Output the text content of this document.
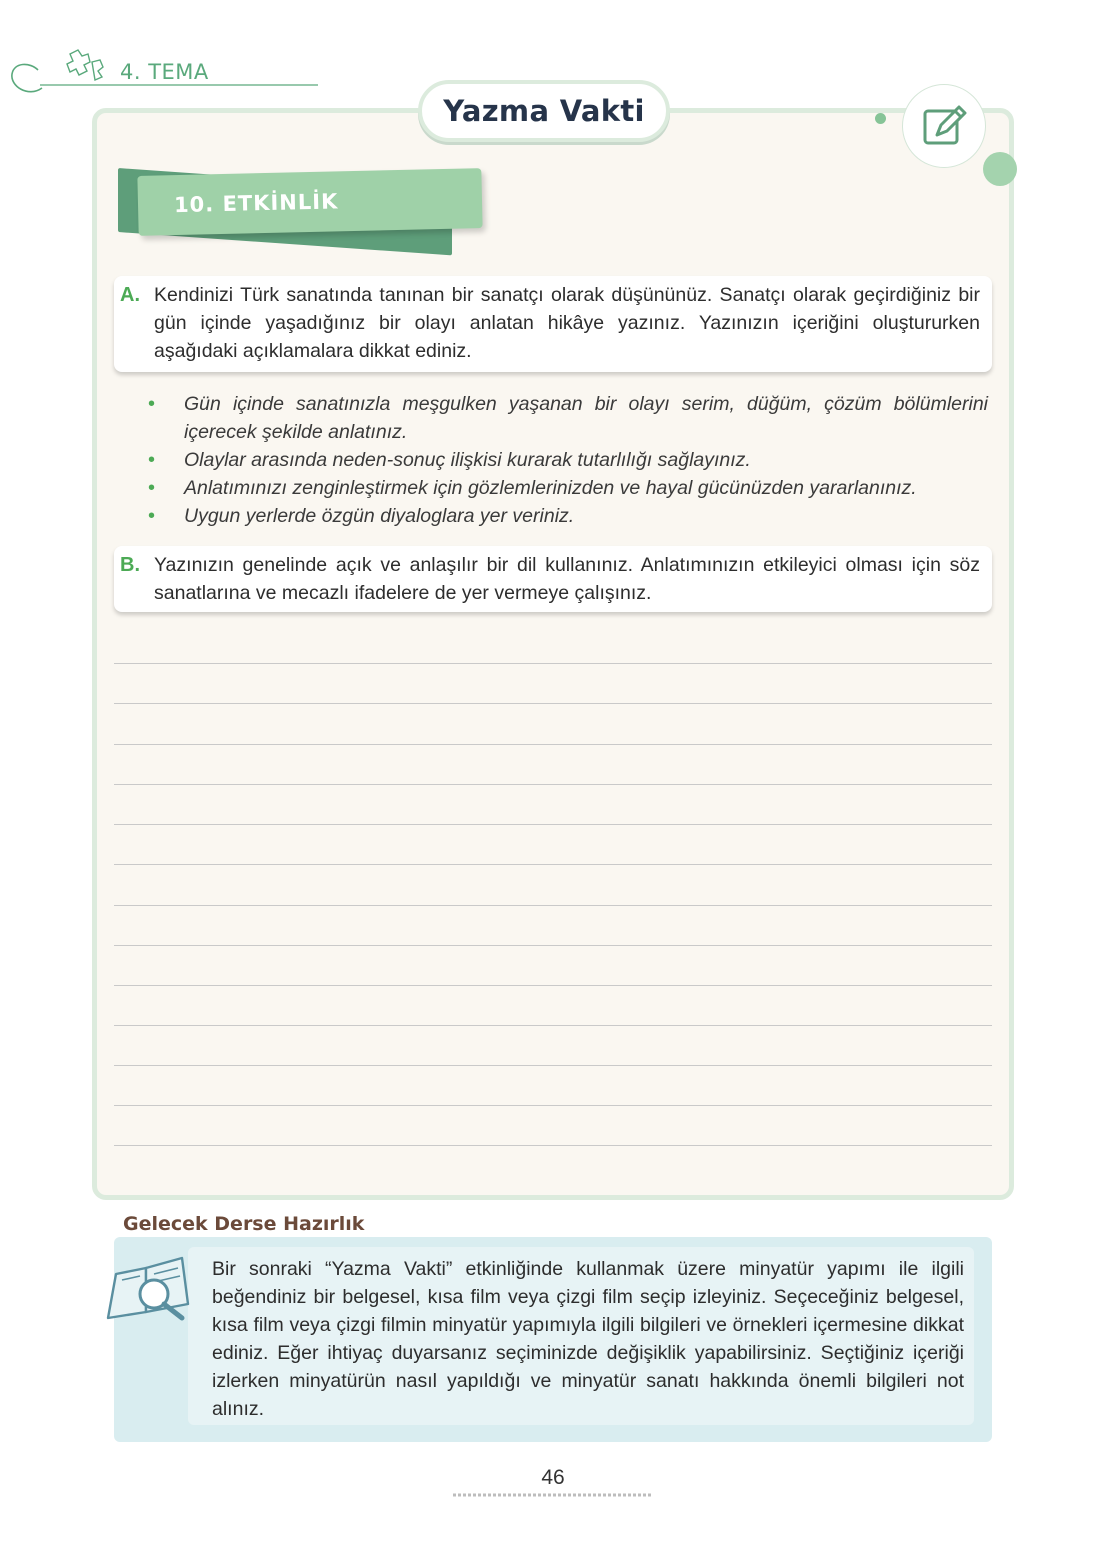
4. TEMA
Yazma Vakti
10. ETKİNLİK
A. Kendinizi Türk sanatında tanınan bir sanatçı olarak düşününüz. Sanatçı olarak geçirdiğiniz bir gün içinde yaşadığınız bir olayı anlatan hikâye yazınız. Yazınızın içeriğini oluştururken aşağıdaki açıklamalara dikkat ediniz.
• Gün içinde sanatınızla meşgulken yaşanan bir olayı serim, düğüm, çözüm bölümlerini içerecek şekilde anlatınız.
• Olaylar arasında neden-sonuç ilişkisi kurarak tutarlılığı sağlayınız.
• Anlatımınızı zenginleştirmek için gözlemlerinizden ve hayal gücünüzden yararlanınız.
• Uygun yerlerde özgün diyaloglara yer veriniz.
B. Yazınızın genelinde açık ve anlaşılır bir dil kullanınız. Anlatımınızın etkileyici olması için söz sanatlarına ve mecazlı ifadelere de yer vermeye çalışınız.
Gelecek Derse Hazırlık
Bir sonraki “Yazma Vakti” etkinliğinde kullanmak üzere minyatür yapımı ile ilgili beğendiniz bir belgesel, kısa film veya çizgi film seçip izleyiniz. Seçeceğiniz belgesel, kısa film veya çizgi filmin minyatür yapımıyla ilgili bilgileri ve örnekleri içermesine dikkat ediniz. Eğer ihtiyaç duyarsanız seçiminizde değişiklik yapabilirsiniz. Seçtiğiniz içeriği izlerken minyatürün nasıl yapıldığı ve minyatür sanatı hakkında önemli bilgileri not alınız.
46
